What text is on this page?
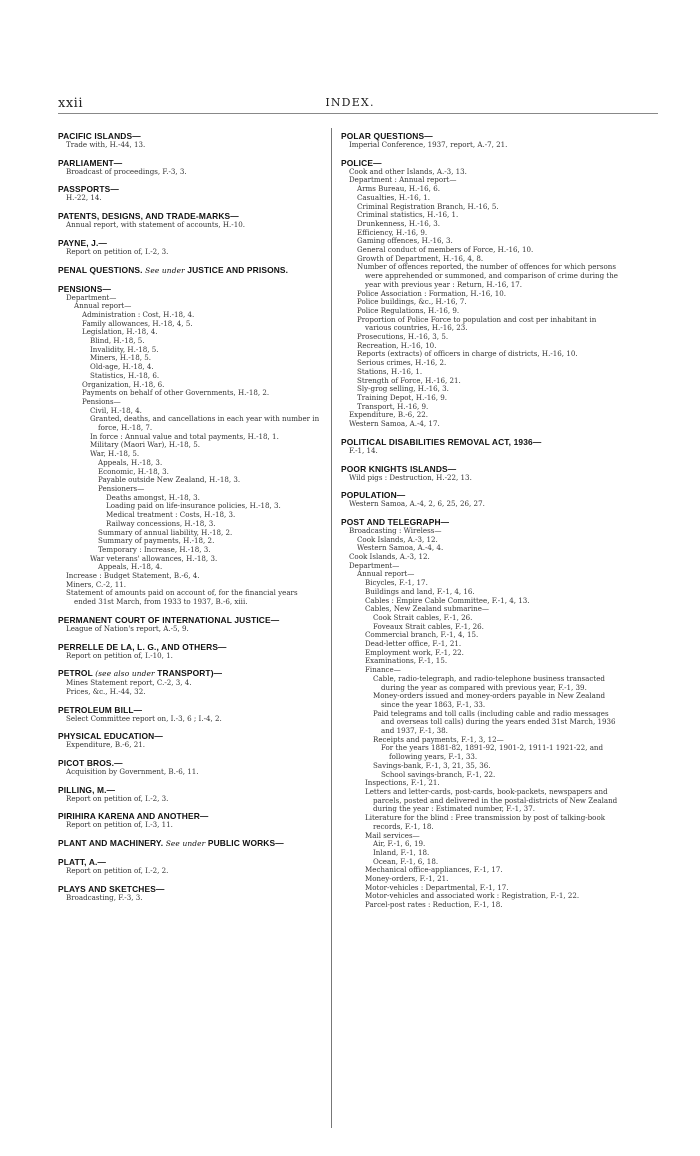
xxii	INDEX.
PACIFIC ISLANDS—
Trade with, H.-44, 13.
PARLIAMENT—
Broadcast of proceedings, F.-3, 3.
PASSPORTS—
H.-22, 14.
PATENTS, DESIGNS, AND TRADE-MARKS—
Annual report, with statement of accounts, H.-10.
PAYNE, J.—
Report on petition of, I.-2, 3.
PENAL QUESTIONS. See under JUSTICE AND PRISONS.
PENSIONS—
Department—
Annual report—
Administration : Cost, H.-18, 4.
Family allowances, H.-18, 4, 5.
Legislation, H.-18, 4.
Blind, H.-18, 5.
Invalidity, H.-18, 5.
Miners, H.-18, 5.
Old-age, H.-18, 4.
Statistics, H.-18, 6.
Organization, H.-18, 6.
Payments on behalf of other Governments, H.-18, 2.
Pensions—
Civil, H.-18, 4.
Granted, deaths, and cancellations in each year with number in force, H.-18, 7.
In force : Annual value and total payments, H.-18, 1.
Military (Maori War), H.-18, 5.
War, H.-18, 5.
Appeals, H.-18, 3.
Economic, H.-18, 3.
Payable outside New Zealand, H.-18, 3.
Pensioners—
Deaths amongst, H.-18, 3.
Loading paid on life-insurance policies, H.-18, 3.
Medical treatment : Costs, H.-18, 3.
Railway concessions, H.-18, 3.
Summary of annual liability, H.-18, 2.
Summary of payments, H.-18, 2.
Temporary : Increase, H.-18, 3.
War veterans' allowances, H.-18, 3.
Appeals, H.-18, 4.
Increase : Budget Statement, B.-6, 4.
Miners, C.-2, 11.
Statement of amounts paid on account of, for the financial years ended 31st March, from 1933 to 1937, B.-6, xiii.
PERMANENT COURT OF INTERNATIONAL JUSTICE—
League of Nation's report, A.-5, 9.
PERRELLE DE LA, L. G., AND OTHERS—
Report on petition of, I.-10, 1.
PETROL (see also under TRANSPORT)—
Mines Statement report, C.-2, 3, 4.
Prices, &c., H.-44, 32.
PETROLEUM BILL—
Select Committee report on, I.-3, 6 ; I.-4, 2.
PHYSICAL EDUCATION—
Expenditure, B.-6, 21.
PICOT BROS.—
Acquisition by Government, B.-6, 11.
PILLING, M.—
Report on petition of, I.-2, 3.
PIRIHIRA KARENA AND ANOTHER—
Report on petition of, I.-3, 11.
PLANT AND MACHINERY. See under PUBLIC WORKS—
PLATT, A.—
Report on petition of, I.-2, 2.
PLAYS AND SKETCHES—
Broadcasting, F.-3, 3.
POLAR QUESTIONS—
Imperial Conference, 1937, report, A.-7, 21.
POLICE—
Cook and other Islands, A.-3, 13.
Department : Annual report—
Arms Bureau, H.-16, 6.
Casualties, H.-16, 1.
Criminal Registration Branch, H.-16, 5.
Criminal statistics, H.-16, 1.
Drunkenness, H.-16, 3.
Efficiency, H.-16, 9.
Gaming offences, H.-16, 3.
General conduct of members of Force, H.-16, 10.
Growth of Department, H.-16, 4, 8.
Number of offences reported, the number of offences for which persons were apprehended or summoned, and comparison of crime during the year with previous year : Return, H.-16, 17.
Police Association : Formation, H.-16, 10.
Police buildings, &c., H.-16, 7.
Police Regulations, H.-16, 9.
Proportion of Police Force to population and cost per inhabitant in various countries, H.-16, 23.
Prosecutions, H.-16, 3, 5.
Recreation, H.-16, 10.
Reports (extracts) of officers in charge of districts, H.-16, 10.
Serious crimes, H.-16, 2.
Stations, H.-16, 1.
Strength of Force, H.-16, 21.
Sly-grog selling, H.-16, 3.
Training Depot, H.-16, 9.
Transport, H.-16, 9.
Expenditure, B.-6, 22.
Western Samoa, A.-4, 17.
POLITICAL DISABILITIES REMOVAL ACT, 1936—
F.-1, 14.
POOR KNIGHTS ISLANDS—
Wild pigs : Destruction, H.-22, 13.
POPULATION—
Western Samoa, A.-4, 2, 6, 25, 26, 27.
POST AND TELEGRAPH—
Broadcasting : Wireless—
Cook Islands, A.-3, 12.
Western Samoa, A.-4, 4.
Cook Islands, A.-3, 12.
Department—
Annual report—
Bicycles, F.-1, 17.
Buildings and land, F.-1, 4, 16.
Cables : Empire Cable Committee, F.-1, 4, 13.
Cables, New Zealand submarine—
Cook Strait cables, F.-1, 26.
Foveaux Strait cables, F.-1, 26.
Commercial branch, F.-1, 4, 15.
Dead-letter office, F.-1, 21.
Employment work, F.-1, 22.
Examinations, F.-1, 15.
Finance—
Cable, radio-telegraph, and radio-telephone business transacted during the year as compared with previous year, F.-1, 39.
Money-orders issued and money-orders payable in New Zealand since the year 1863, F.-1, 33.
Paid telegrams and toll calls (including cable and radio messages and overseas toll calls) during the years ended 31st March, 1936 and 1937, F.-1, 38.
Receipts and payments, F.-1, 3, 12—
For the years 1881-82, 1891-92, 1901-2, 1911-1 1921-22, and following years, F.-1, 33.
Savings-bank, F.-1, 3, 21, 35, 36.
School savings-branch, F.-1, 22.
Inspections, F.-1, 21.
Letters and letter-cards, post-cards, book-packets, newspapers and parcels, posted and delivered in the postal-districts of New Zealand during the year : Estimated number, F.-1, 37.
Literature for the blind : Free transmission by post of talking-book records, F.-1, 18.
Mail services—
Air, F.-1, 6, 19.
Inland, F.-1, 18.
Ocean, F.-1, 6, 18.
Mechanical office-appliances, F.-1, 17.
Money-orders, F.-1, 21.
Motor-vehicles : Departmental, F.-1, 17.
Motor-vehicles and associated work : Registration, F.-1, 22.
Parcel-post rates : Reduction, F.-1, 18.
